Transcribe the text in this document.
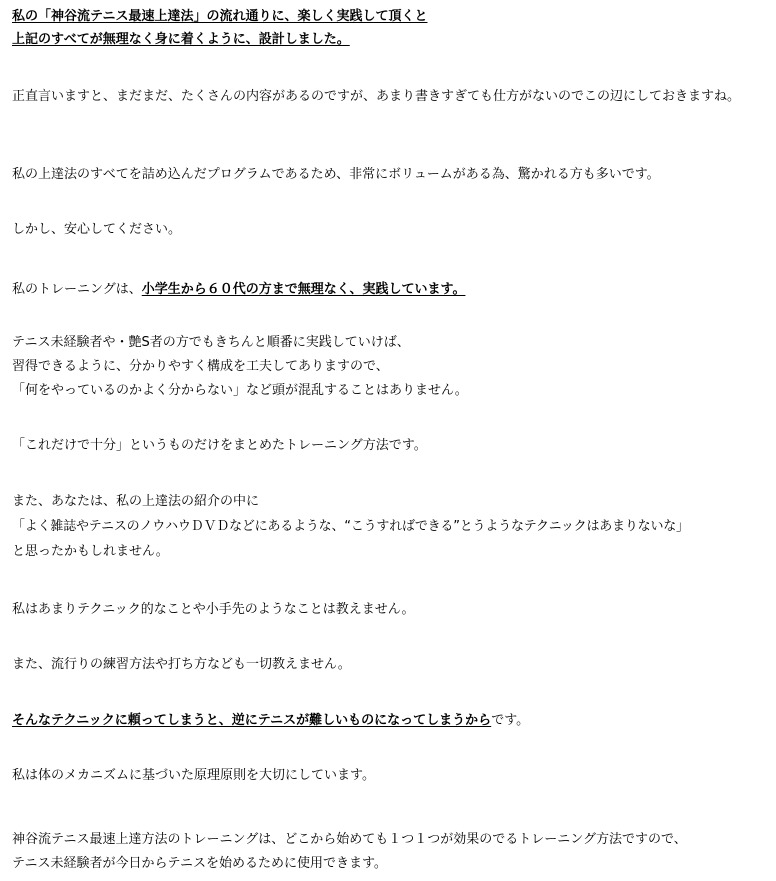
私の「神谷流テニス最速上達法」の流れ通りに、楽しく実践して頂くと
上記のすべてが無理なく身に着くように、設計しました。
正直言いますと、まだまだ、たくさんの内容があるのですが、あまり書きすぎても仕方がないのでこの辺にしておきますね。
私の上達法のすべてを詰め込んだプログラムであるため、非常にボリュームがある為、驚かれる方も多いです。
しかし、安心してください。
私のトレーニングは、小学生から６０代の方まで無理なく、実践しています。
テニス未経験者や・艶S者の方でもきちんと順番に実践していけば、
習得できるように、分かりやすく構成を工夫してありますので、
「何をやっているのかよく分からない」など頭が混乱することはありません。
「これだけで十分」というものだけをまとめたトレーニング方法です。
また、あなたは、私の上達法の紹介の中に
「よく雑誌やテニスのノウハウＤＶＤなどにあるような、“こうすればできる”とうようなテクニックはあまりないな」
と思ったかもしれません。
私はあまりテクニック的なことや小手先のようなことは教えません。
また、流行りの練習方法や打ち方なども一切教えません。
そんなテクニックに頼ってしまうと、逆にテニスが難しいものになってしまうからです。
私は体のメカニズムに基づいた原理原則を大切にしています。
神谷流テニス最速上達方法のトレーニングは、どこから始めても１つ１つが効果のでるトレーニング方法ですので、
テニス未経験者が今日からテニスを始めるために使用できます。
